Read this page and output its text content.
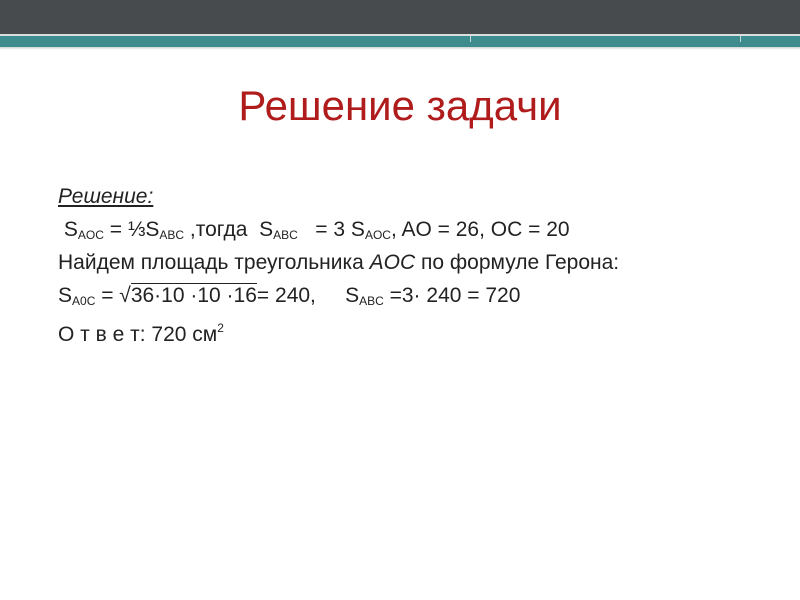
Решение задачи
Решение:
$S_{AOC}$ = $\frac{1}{3}S_{ABC}$ ,тогда  $S_{ABC} = 3$ $S_{AOC}$, AO = 26, OC = 20
Найдем площадь треугольника AOC по формуле Герона:
$S_{A0C} = √36\cdot 10 \cdot 10 \cdot 16= 240$,     $S_{ABC} =3\cdot 240 = 720$
О т в е т: 720 $см^2$
